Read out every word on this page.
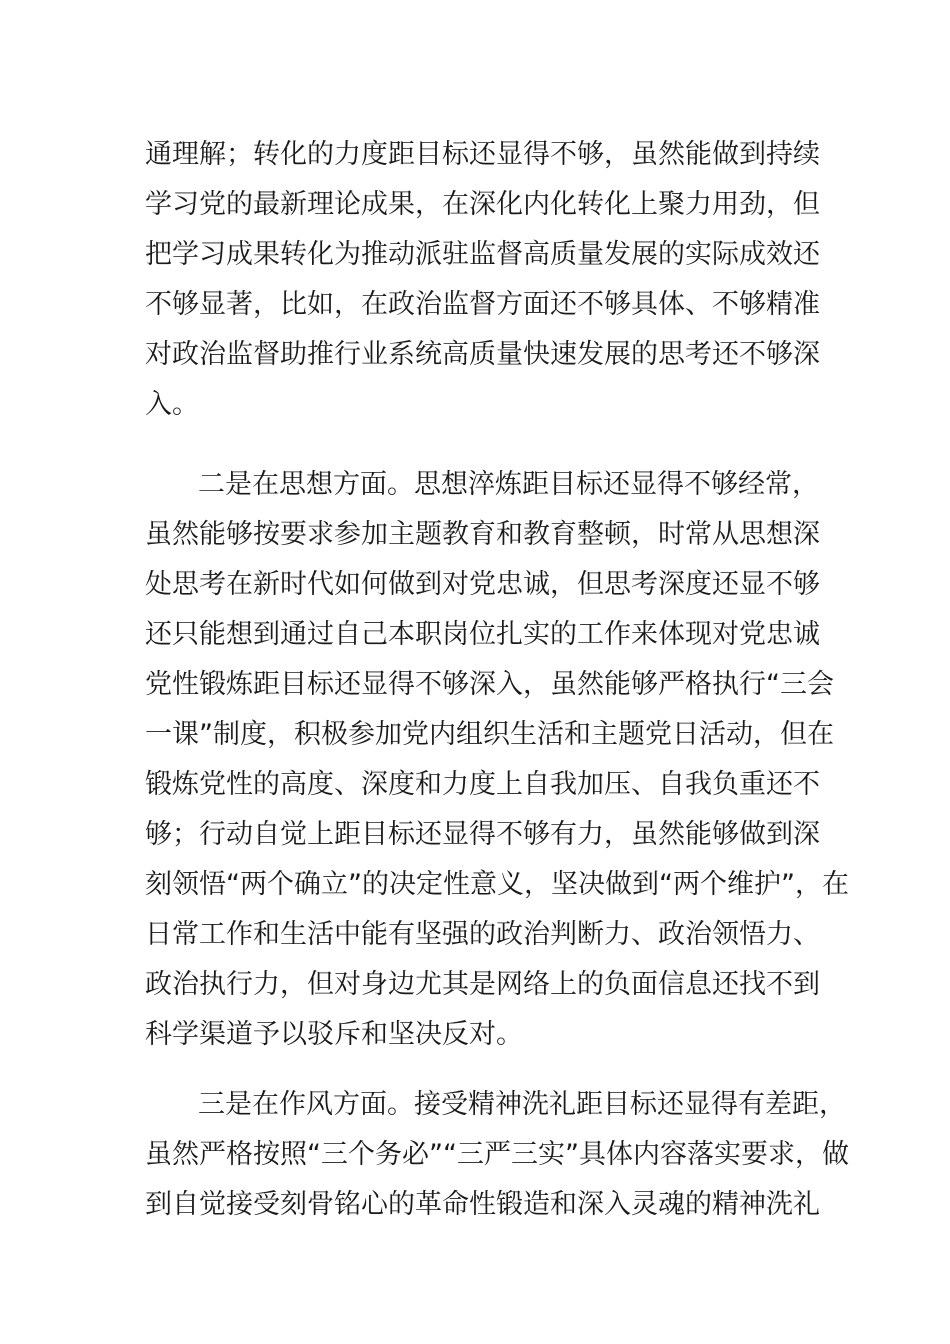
通理解；转化的力度距目标还显得不够，虽然能做到持续
学习党的最新理论成果，在深化内化转化上聚力用劲，但
把学习成果转化为推动派驻监督高质量发展的实际成效还
不够显著，比如，在政治监督方面还不够具体、不够精准
对政治监督助推行业系统高质量快速发展的思考还不够深
入。
二是在思想方面。思想淬炼距目标还显得不够经常，
虽然能够按要求参加主题教育和教育整顿，时常从思想深
处思考在新时代如何做到对党忠诚，但思考深度还显不够
还只能想到通过自己本职岗位扎实的工作来体现对党忠诚
党性锻炼距目标还显得不够深入，虽然能够严格执行“三会
一课”制度，积极参加党内组织生活和主题党日活动，但在
锻炼党性的高度、深度和力度上自我加压、自我负重还不
够；行动自觉上距目标还显得不够有力，虽然能够做到深
刻领悟“两个确立”的决定性意义，坚决做到“两个维护”，在
日常工作和生活中能有坚强的政治判断力、政治领悟力、
政治执行力，但对身边尤其是网络上的负面信息还找不到
科学渠道予以驳斥和坚决反对。
三是在作风方面。接受精神洗礼距目标还显得有差距，
虽然严格按照“三个务必”“三严三实”具体内容落实要求，做
到自觉接受刻骨铭心的革命性锻造和深入灵魂的精神洗礼
